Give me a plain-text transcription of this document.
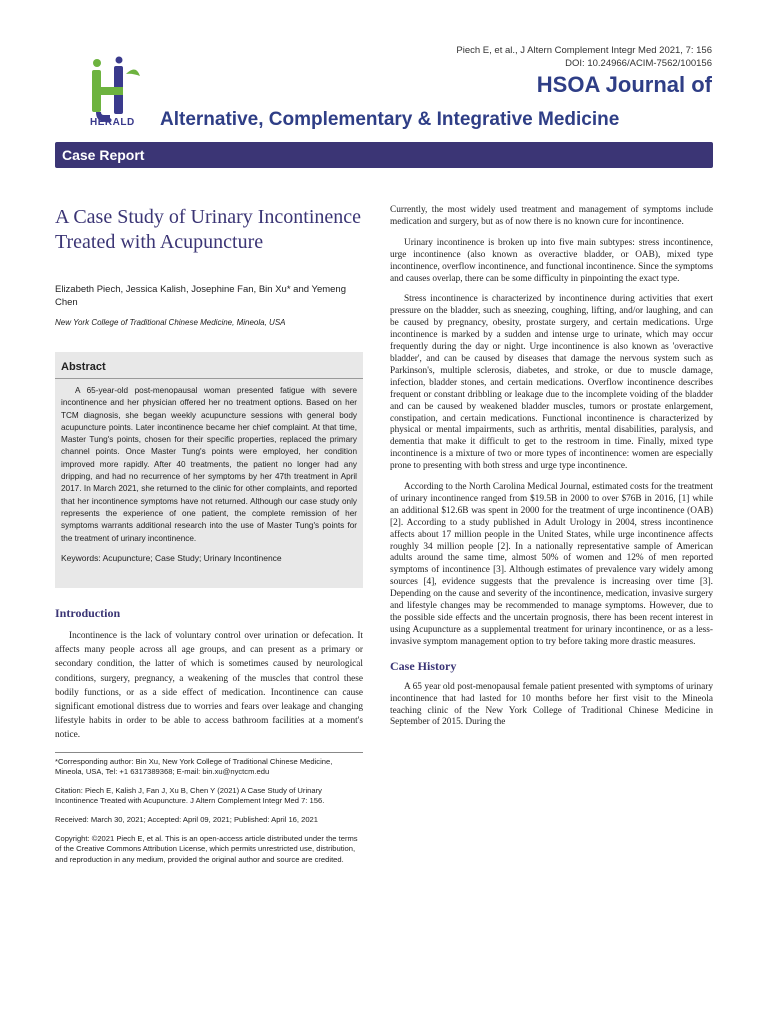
Piech E, et al., J Altern Complement Integr Med 2021, 7: 156
DOI: 10.24966/ACIM-7562/100156
HERALD
HSOA Journal of
Alternative, Complementary & Integrative Medicine
Case Report
A Case Study of Urinary Incontinence Treated with Acupuncture
Elizabeth Piech, Jessica Kalish, Josephine Fan, Bin Xu* and Yemeng Chen
New York College of Traditional Chinese Medicine, Mineola, USA
Abstract

A 65-year-old post-menopausal woman presented fatigue with severe incontinence and her physician offered her no treatment options. Based on her TCM diagnosis, she began weekly acupuncture sessions with general body acupuncture points. Later incontinence became her chief complaint. At that time, Master Tung's points, chosen for their specific properties, replaced the primary channel points. Once Master Tung's points were employed, her condition improved more rapidly. After 40 treatments, the patient no longer had any dripping, and had no recurrence of her symptoms by her 47th treatment in April 2017. In March 2021, she returned to the clinic for other complaints, and reported that her incontinence symptoms have not returned. Although our case study only represents the experience of one patient, the complete remission of her symptoms warrants additional research into the use of Master Tung's points for the treatment of urinary incontinence.

Keywords: Acupuncture; Case Study; Urinary Incontinence

Introduction

Incontinence is the lack of voluntary control over urination or defecation. It affects many people across all age groups, and can present as a primary or secondary condition, the latter of which is sometimes caused by neurological conditions, surgery, pregnancy, a weakening of the muscles that control these bodily functions, or as a side effect of medication. Incontinence can cause significant emotional distress due to worries and fears over leakage and changing lifestyle habits in order to be able to access bathroom facilities at a moment's notice.

*Corresponding author: Bin Xu, New York College of Traditional Chinese Medicine, Mineola, USA, Tel: +1 6317389368; E-mail: bin.xu@nyctcm.edu

Citation: Piech E, Kalish J, Fan J, Xu B, Chen Y (2021) A Case Study of Urinary Incontinence Treated with Acupuncture. J Altern Complement Integr Med 7: 156.

Received: March 30, 2021; Accepted: April 09, 2021; Published: April 16, 2021

Copyright: ©2021 Piech E, et al. This is an open-access article distributed under the terms of the Creative Commons Attribution License, which permits unrestricted use, distribution, and reproduction in any medium, provided the original author and source are credited.

Currently, the most widely used treatment and management of symptoms include medication and surgery, but as of now there is no known cure for incontinence.

Urinary incontinence is broken up into five main subtypes: stress incontinence, urge incontinence (also known as overactive bladder, or OAB), mixed type incontinence, overflow incontinence, and functional incontinence. Since the symptoms and causes overlap, there can be some difficulty in pinpointing the exact type.

Stress incontinence is characterized by incontinence during activities that exert pressure on the bladder, such as sneezing, coughing, lifting, and/or laughing, and can be caused by pregnancy, obesity, prostate surgery, and certain medications. Urge incontinence is marked by a sudden and intense urge to urinate, which may occur frequently during the day or night. Urge incontinence is also known as 'overactive bladder', and can be caused by diseases that damage the nervous system such as Parkinson's, multiple sclerosis, diabetes, and stroke, or due to muscle damage, infection, bladder stones, and certain medications. Overflow incontinence describes frequent or constant dribbling or leakage due to the incomplete voiding of the bladder and can be caused by weakened bladder muscles, tumors or prostate enlargement, constipation, and certain medications. Functional incontinence is characterized by physical or mental impairments, such as arthritis, mental disabilities, paralysis, and dementia that make it difficult to get to the restroom in time. Finally, mixed type incontinence is a mixture of two or more types of incontinence: women are especially prone to presenting with both stress and urge type incontinence.

According to the North Carolina Medical Journal, estimated costs for the treatment of urinary incontinence ranged from $19.5B in 2000 to over $76B in 2016, [1] while an additional $12.6B was spent in 2000 for the treatment of urge incontinence (OAB) [2]. According to a study published in Adult Urology in 2004, stress incontinence affects about 17 million people in the United States, while urge incontinence affects roughly 34 million people [2]. In a nationally representative sample of American adults around the same time, almost 50% of women and 12% of men reported symptoms of incontinence [3]. Although estimates of prevalence vary widely among sources [4], evidence suggests that the prevalence is increasing over time [3]. Depending on the cause and severity of the incontinence, medication, invasive surgery and lifestyle changes may be recommended to manage symptoms. However, due to the possible side effects and the uncertain prognosis, there has been recent interest in using Acupuncture as a supplemental treatment for urinary incontinence, or as a less-invasive symptom management option to try before taking more drastic measures.

Case History

A 65 year old post-menopausal female patient presented with symptoms of urinary incontinence that had lasted for 10 months before her first visit to the Mineola teaching clinic of the New York College of Traditional Chinese Medicine in September of 2015. During the
